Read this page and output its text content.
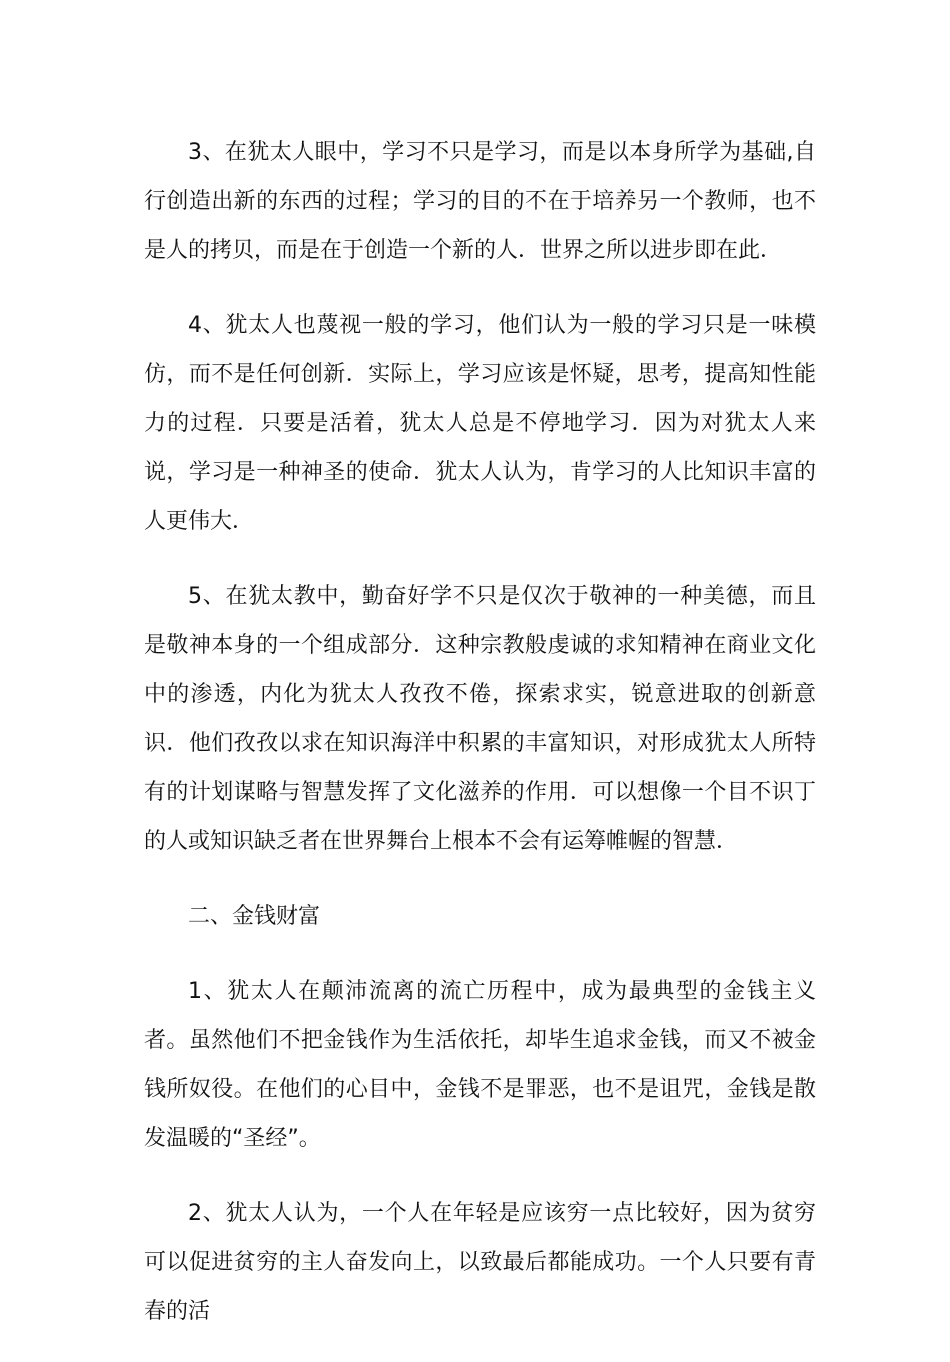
3、在犹太人眼中，学习不只是学习，而是以本身所学为基础,自行创造出新的东西的过程；学习的目的不在于培养另一个教师，也不是人的拷贝，而是在于创造一个新的人．世界之所以进步即在此．

4、犹太人也蔑视一般的学习，他们认为一般的学习只是一味模仿，而不是任何创新．实际上，学习应该是怀疑，思考，提高知性能力的过程．只要是活着，犹太人总是不停地学习．因为对犹太人来说，学习是一种神圣的使命．犹太人认为，肯学习的人比知识丰富的人更伟大．

5、在犹太教中，勤奋好学不只是仅次于敬神的一种美德，而且是敬神本身的一个组成部分．这种宗教般虔诚的求知精神在商业文化中的渗透，内化为犹太人孜孜不倦，探索求实，锐意进取的创新意识．他们孜孜以求在知识海洋中积累的丰富知识，对形成犹太人所特有的计划谋略与智慧发挥了文化滋养的作用．可以想像一个目不识丁的人或知识缺乏者在世界舞台上根本不会有运筹帷幄的智慧．

二、金钱财富

1、犹太人在颠沛流离的流亡历程中，成为最典型的金钱主义者。虽然他们不把金钱作为生活依托，却毕生追求金钱，而又不被金钱所奴役。在他们的心目中，金钱不是罪恶，也不是诅咒，金钱是散发温暖的“圣经”。

2、犹太人认为，一个人在年轻是应该穷一点比较好，因为贫穷可以促进贫穷的主人奋发向上，以致最后都能成功。一个人只要有青春的活
